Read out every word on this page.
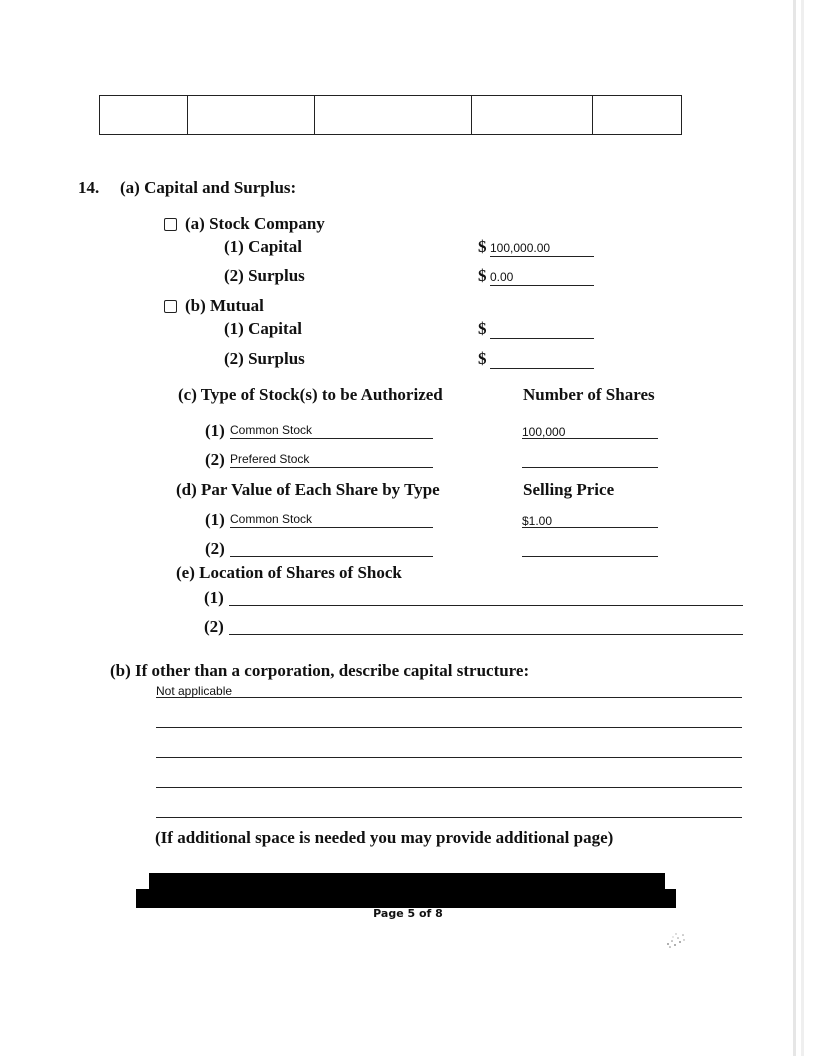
14. (a) Capital and Surplus:
(a) Stock Company
(1) Capital	$ 100,000.00
(2) Surplus	$ 0.00
(b) Mutual
(1) Capital	$
(2) Surplus	$
(c) Type of Stock(s) to be Authorized	Number of Shares
(1) Common Stock	100,000
(2) Prefered Stock
(d) Par Value of Each Share by Type	Selling Price
(1) Common Stock	$1.00
(2)
(e) Location of Shares of Shock
(1)
(2)
(b) If other than a corporation, describe capital structure:
Not applicable
(If additional space is needed you may provide additional page)
Page 5 of 8
